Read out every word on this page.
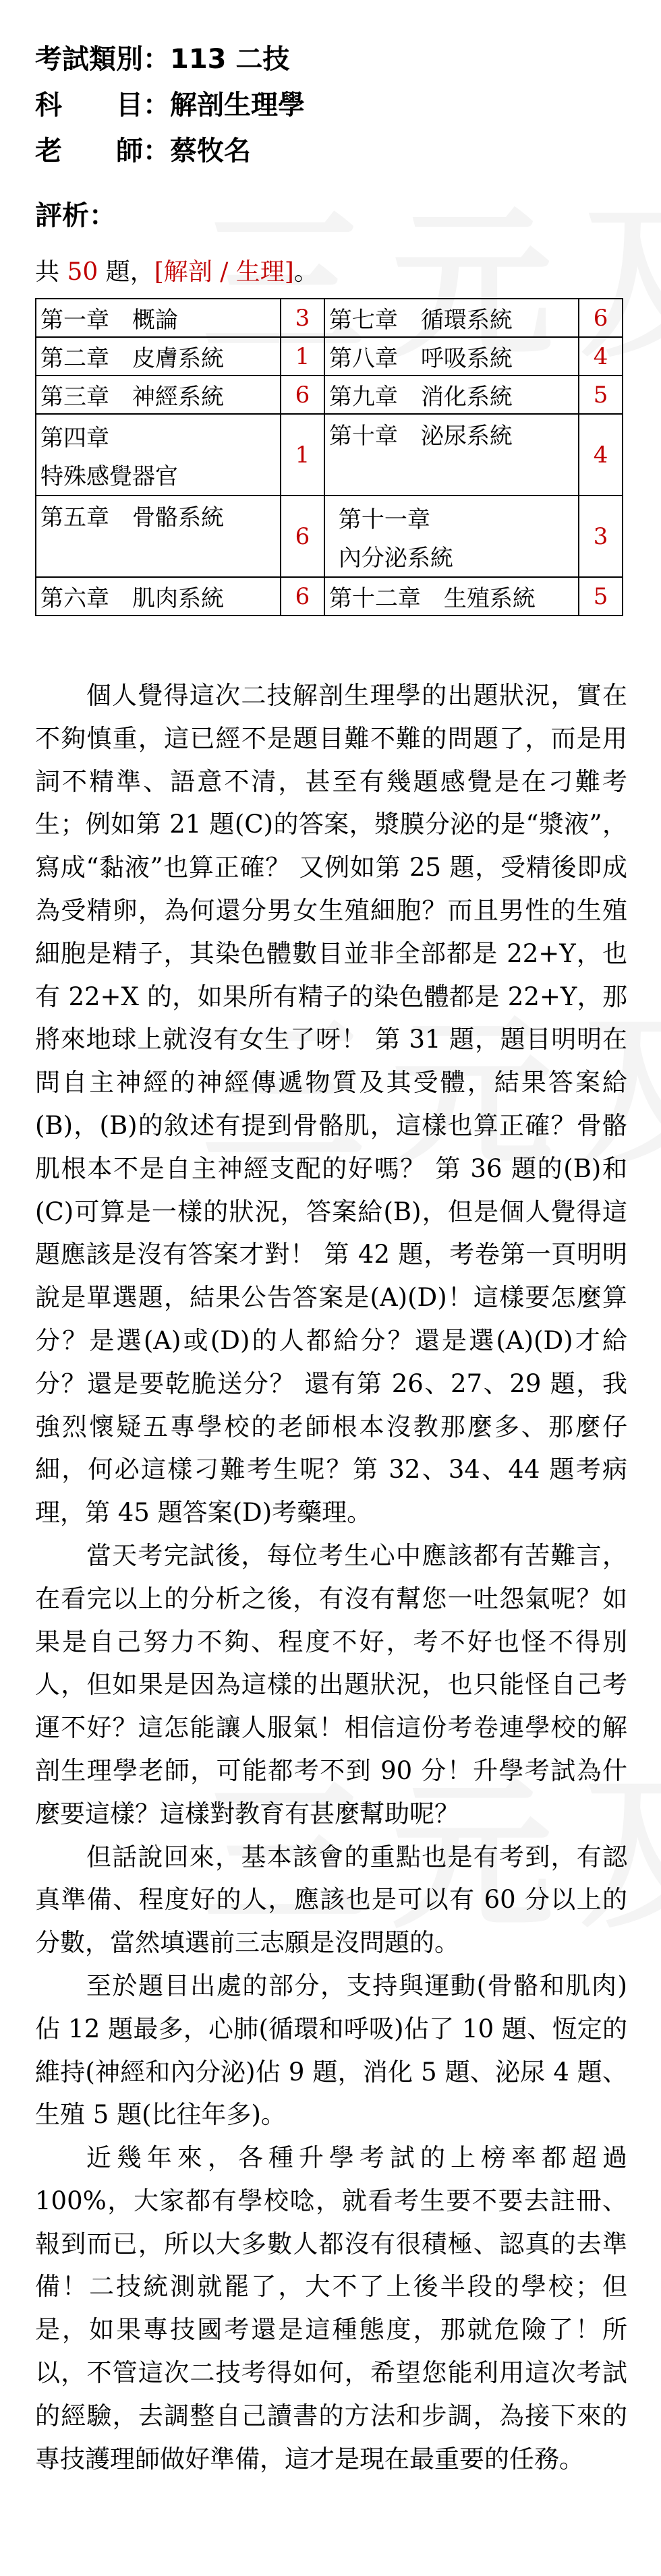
考試類別：113 二技
科　　目：解剖生理學
老　　師：蔡牧名
評析：
共 50 題，[解剖 / 生理]。
第一章　概論	3	第七章　循環系統	6
第二章　皮膚系統	1	第八章　呼吸系統	4
第三章　神經系統	6	第九章　消化系統	5

第四章
特殊感覺器官	1	第十章　泌尿系統	4
第五章　骨骼系統	6	第十一章
內分泌系統	3
第六章　肌肉系統	6	第十二章　生殖系統	5

個人覺得這次二技解剖生理學的出題狀況，實在不夠慎重，這已經不是題目難不難的問題了，而是用詞不精準、語意不清，甚至有幾題感覺是在刁難考生；例如第 21 題(C)的答案，漿膜分泌的是“漿液”，寫成“黏液”也算正確？ 又例如第 25 題，受精後即成為受精卵，為何還分男女生殖細胞？而且男性的生殖細胞是精子，其染色體數目並非全部都是 22+Y，也有 22+X 的，如果所有精子的染色體都是 22+Y，那將來地球上就沒有女生了呀！ 第 31 題，題目明明在問自主神經的神經傳遞物質及其受體，結果答案給(B)，(B)的敘述有提到骨骼肌，這樣也算正確？骨骼肌根本不是自主神經支配的好嗎？ 第 36 題的(B)和(C)可算是一樣的狀況，答案給(B)，但是個人覺得這題應該是沒有答案才對！ 第 42 題，考卷第一頁明明說是單選題，結果公告答案是(A)(D)！這樣要怎麼算分？是選(A)或(D)的人都給分？還是選(A)(D)才給分？還是要乾脆送分？ 還有第 26、27、29 題，我強烈懷疑五專學校的老師根本沒教那麼多、那麼仔細，何必這樣刁難考生呢？第 32、34、44 題考病理，第 45 題答案(D)考藥理。

當天考完試後，每位考生心中應該都有苦難言，在看完以上的分析之後，有沒有幫您一吐怨氣呢？如果是自己努力不夠、程度不好，考不好也怪不得別人，但如果是因為這樣的出題狀況，也只能怪自己考運不好？這怎能讓人服氣！相信這份考卷連學校的解剖生理學老師，可能都考不到 90 分！升學考試為什麼要這樣？這樣對教育有甚麼幫助呢？

但話說回來，基本該會的重點也是有考到，有認真準備、程度好的人，應該也是可以有 60 分以上的分數，當然填選前三志願是沒問題的。

至於題目出處的部分，支持與運動(骨骼和肌肉)佔 12 題最多，心肺(循環和呼吸)佔了 10 題、恆定的維持(神經和內分泌)佔 9 題，消化 5 題、泌尿 4 題、生殖 5 題(比往年多)。

近幾年來，各種升學考試的上榜率都超過100%，大家都有學校唸，就看考生要不要去註冊、報到而已，所以大多數人都沒有很積極、認真的去準備！二技統測就罷了，大不了上後半段的學校；但是，如果專技國考還是這種態度，那就危險了！所以，不管這次二技考得如何，希望您能利用這次考試的經驗，去調整自己讀書的方法和步調，為接下來的專技護理師做好準備，這才是現在最重要的任務。
